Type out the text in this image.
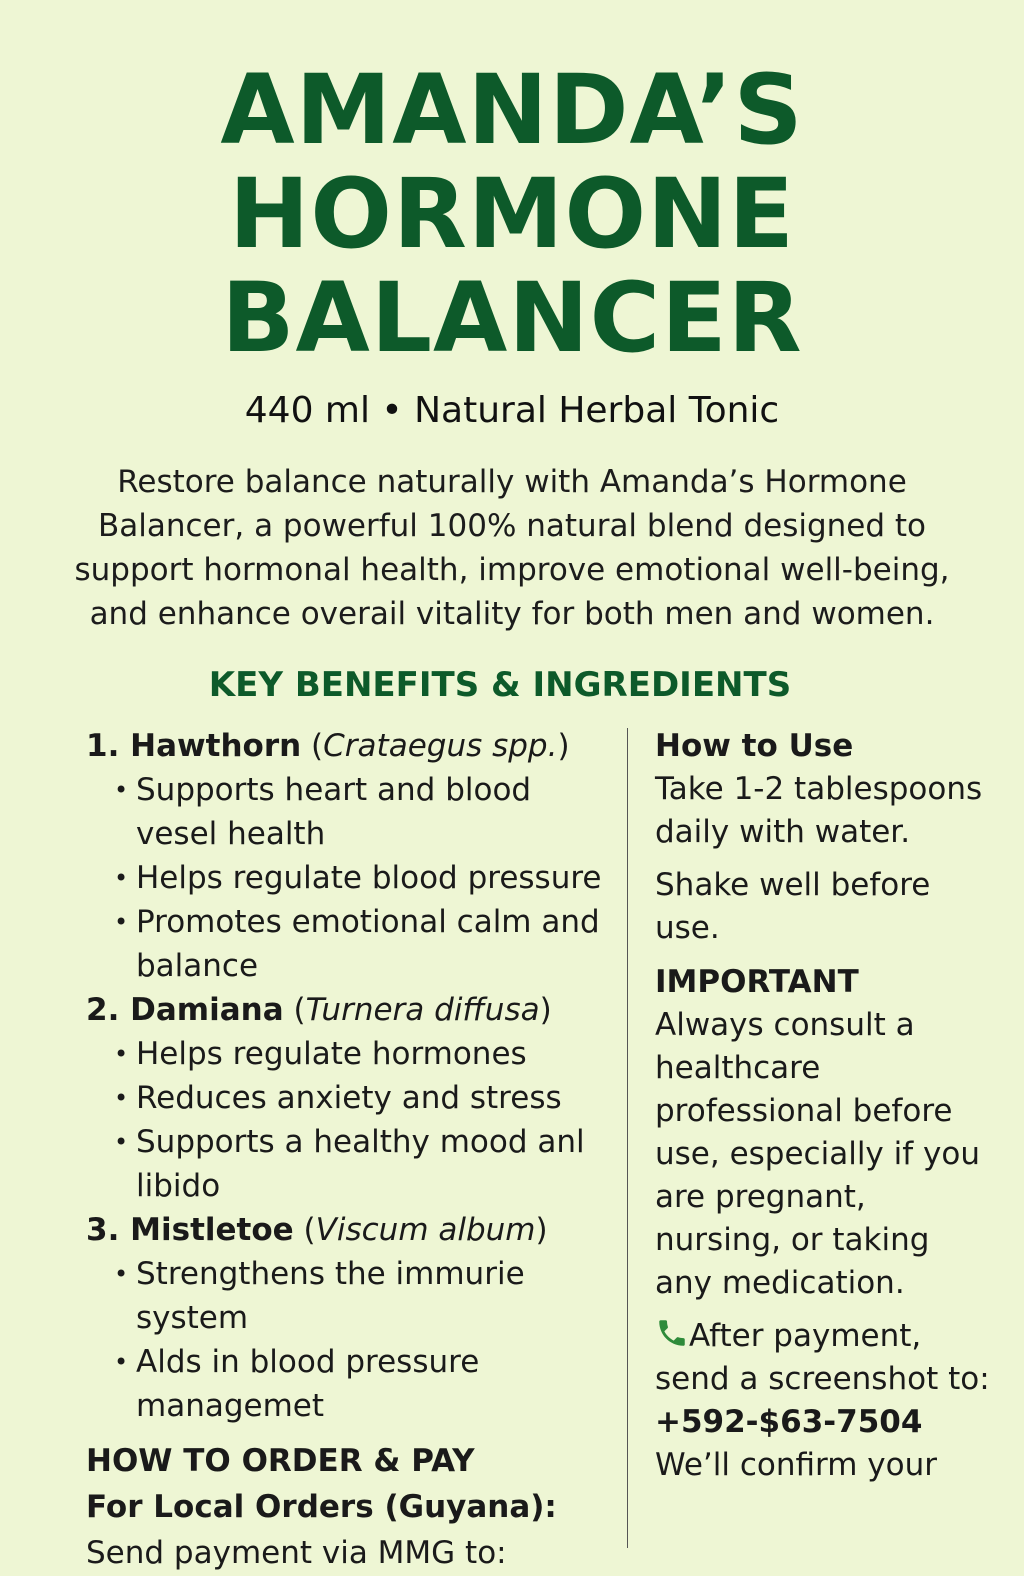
AMANDA’S
HORMONE
BALANCER
440 ml • Natural Herbal Tonic
Restore balance naturally with Amanda’s Hormone Balancer, a powerful 100% natural blend designed to support hormonal health, improve emotional well-being, and enhance overail vitality for both men and women.
KEY BENEFITS & INGREDIENTS
1. Hawthorn (Crataegus spp.)
• Supports heart and blood vesel health
• Helps regulate blood pressure
• Promotes emotional calm and balance
2. Damiana (Turnera diffusa)
• Helps regulate hormones
• Reduces anxiety and stress
• Supports a healthy mood anl libido
3. Mistletoe (Viscum album)
• Strengthens the immurie system
• Alds in blood pressure managemet
HOW TO ORDER & PAY
For Local Orders (Guyana):
Send payment via MMG to:
How to Use
Take 1-2 tablespoons daily with water.
Shake well before use.
IMPORTANT
Always consult a healthcare professional before use, especially if you are pregnant, nursing, or taking any medication.
After payment, send a screenshot to: +592-$63-7504
We’ll confirm your
